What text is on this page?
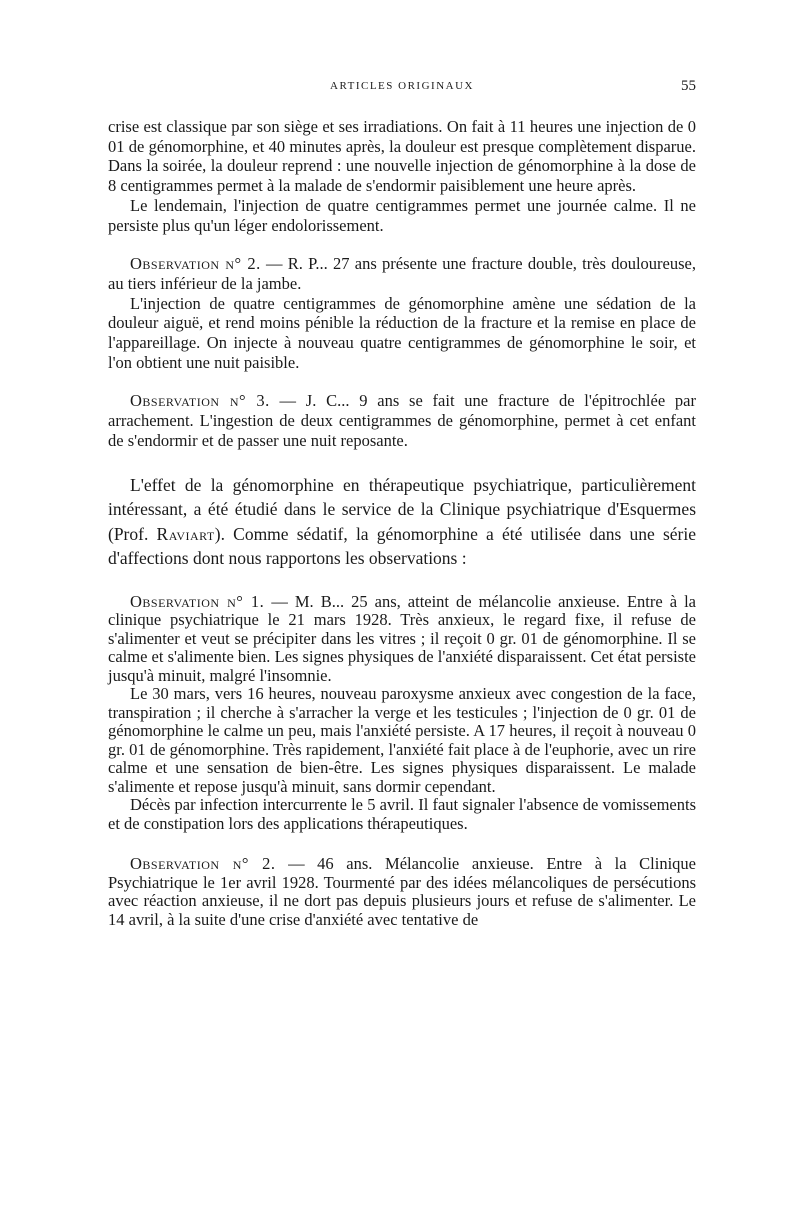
ARTICLES ORIGINAUX	55

crise est classique par son siège et ses irradiations. On fait à 11 heures une injection de 0 01 de génomorphine, et 40 minutes après, la douleur est presque complètement disparue. Dans la soirée, la douleur reprend : une nouvelle injection de génomorphine à la dose de 8 centigrammes permet à la malade de s'endormir paisiblement une heure après.

Le lendemain, l'injection de quatre centigrammes permet une journée calme. Il ne persiste plus qu'un léger endolorissement.

Observation n° 2. — R. P... 27 ans présente une fracture double, très douloureuse, au tiers inférieur de la jambe.

L'injection de quatre centigrammes de génomorphine amène une sédation de la douleur aiguë, et rend moins pénible la réduction de la fracture et la remise en place de l'appareillage. On injecte à nouveau quatre centigrammes de génomorphine le soir, et l'on obtient une nuit paisible.

Observation n° 3. — J. C... 9 ans se fait une fracture de l'épitrochlée par arrachement. L'ingestion de deux centigrammes de génomorphine, permet à cet enfant de s'endormir et de passer une nuit reposante.

L'effet de la génomorphine en thérapeutique psychiatrique, particulièrement intéressant, a été étudié dans le service de la Clinique psychiatrique d'Esquermes (Prof. Raviart). Comme sédatif, la génomorphine a été utilisée dans une série d'affections dont nous rapportons les observations :

Observation n° 1. — M. B... 25 ans, atteint de mélancolie anxieuse. Entre à la clinique psychiatrique le 21 mars 1928. Très anxieux, le regard fixe, il refuse de s'alimenter et veut se précipiter dans les vitres ; il reçoit 0 gr. 01 de génomorphine. Il se calme et s'alimente bien. Les signes physiques de l'anxiété disparaissent. Cet état persiste jusqu'à minuit, malgré l'insomnie.

Le 30 mars, vers 16 heures, nouveau paroxysme anxieux avec congestion de la face, transpiration ; il cherche à s'arracher la verge et les testicules ; l'injection de 0 gr. 01 de génomorphine le calme un peu, mais l'anxiété persiste. A 17 heures, il reçoit à nouveau 0 gr. 01 de génomorphine. Très rapidement, l'anxiété fait place à de l'euphorie, avec un rire calme et une sensation de bien-être. Les signes physiques disparaissent. Le malade s'alimente et repose jusqu'à minuit, sans dormir cependant.

Décès par infection intercurrente le 5 avril. Il faut signaler l'absence de vomissements et de constipation lors des applications thérapeutiques.

Observation n° 2. — 46 ans. Mélancolie anxieuse. Entre à la Clinique Psychiatrique le 1er avril 1928. Tourmenté par des idées mélancoliques de persécutions avec réaction anxieuse, il ne dort pas depuis plusieurs jours et refuse de s'alimenter. Le 14 avril, à la suite d'une crise d'anxiété avec tentative de
